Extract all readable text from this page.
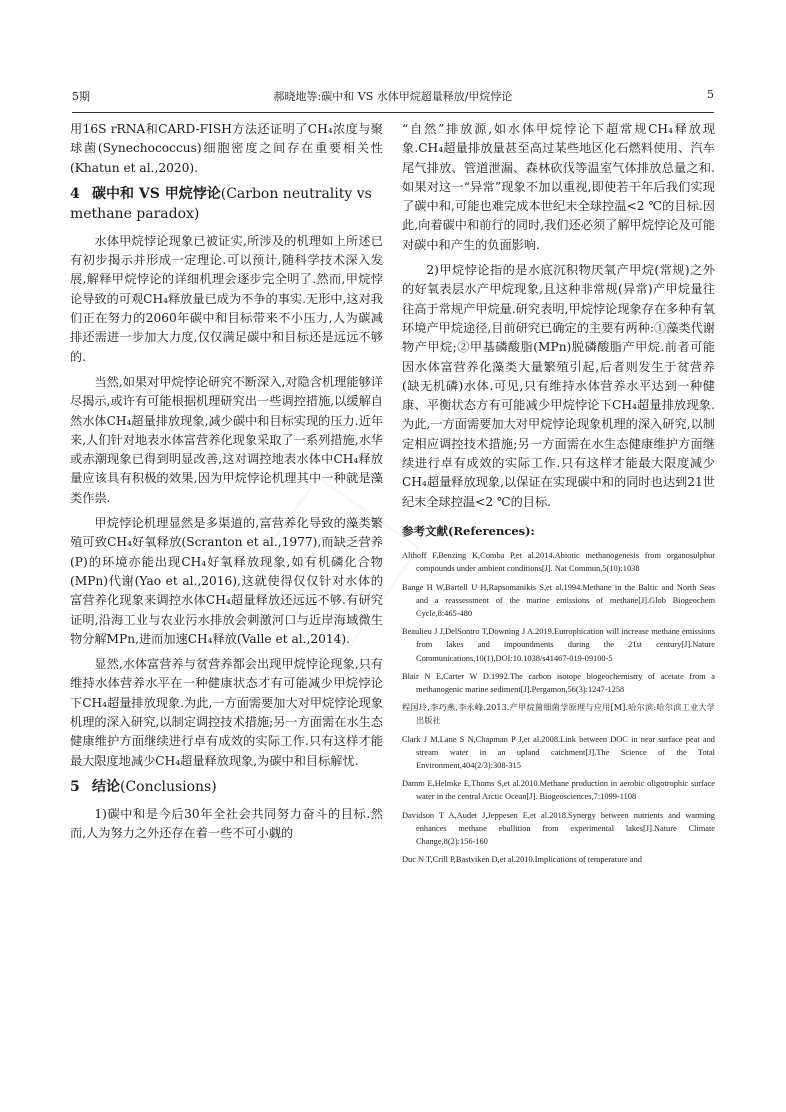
5期	郝晓地等:碳中和 VS 水体甲烷超量释放/甲烷悖论	5

用16S rRNA和CARD-FISH方法还证明了CH₄浓度与聚球菌(Synechococcus)细胞密度之间存在重要相关性(Khatun et al.,2020).

4 碳中和 VS 甲烷悖论(Carbon neutrality vs methane paradox)

水体甲烷悖论现象已被证实,所涉及的机理如上所述已有初步揭示并形成一定理论.可以预计,随科学技术深入发展,解释甲烷悖论的详细机理会逐步完全明了.然而,甲烷悖论导致的可观CH₄释放量已成为不争的事实.无形中,这对我们正在努力的2060年碳中和目标带来不小压力,人为碳减排还需进一步加大力度,仅仅满足碳中和目标还是远远不够的.

当然,如果对甲烷悖论研究不断深入,对隐含机理能够详尽揭示,或许有可能根据机理研究出一些调控措施,以缓解自然水体CH₄超量排放现象,减少碳中和目标实现的压力.近年来,人们针对地表水体富营养化现象采取了一系列措施,水华或赤潮现象已得到明显改善,这对调控地表水体中CH₄释放量应该具有积极的效果,因为甲烷悖论机理其中一种就是藻类作祟.

甲烷悖论机理显然是多渠道的,富营养化导致的藻类繁殖可致CH₄好氧释放(Scranton et al.,1977),而缺乏营养(P)的环境亦能出现CH₄好氧释放现象,如有机磷化合物(MPn)代谢(Yao et al.,2016),这就使得仅仅针对水体的富营养化现象来调控水体CH₄超量释放还远远不够.有研究证明,沿海工业与农业污水排放会刺激河口与近岸海域微生物分解MPn,进而加速CH₄释放(Valle et al.,2014).

显然,水体富营养与贫营养都会出现甲烷悖论现象,只有维持水体营养水平在一种健康状态才有可能减少甲烷悖论下CH₄超量排放现象.为此,一方面需要加大对甲烷悖论现象机理的深入研究,以制定调控技术措施;另一方面需在水生态健康维护方面继续进行卓有成效的实际工作.只有这样才能最大限度地减少CH₄超量释放现象,为碳中和目标解忧.

5 结论(Conclusions)

1)碳中和是今后30年全社会共同努力奋斗的目标.然而,人为努力之外还存在着一些不可小觑的

“自然”排放源,如水体甲烷悖论下超常规CH₄释放现象.CH₄超量排放量甚至高过某些地区化石燃料使用、汽车尾气排放、管道泄漏、森林砍伐等温室气体排放总量之和.如果对这一“异常”现象不加以重视,即使若干年后我们实现了碳中和,可能也难完成本世纪末全球控温<2 ℃的目标.因此,向着碳中和前行的同时,我们还必须了解甲烷悖论及可能对碳中和产生的负面影响.

2)甲烷悖论指的是水底沉积物厌氧产甲烷(常规)之外的好氧表层水产甲烷现象,且这种非常规(异常)产甲烷量往往高于常规产甲烷量.研究表明,甲烷悖论现象存在多种有氧环境产甲烷途径,目前研究已确定的主要有两种:①藻类代谢物产甲烷;②甲基磷酸脂(MPn)脱磷酸脂产甲烷.前者可能因水体富营养化藻类大量繁殖引起,后者则发生于贫营养(缺无机磷)水体.可见,只有维持水体营养水平达到一种健康、平衡状态方有可能减少甲烷悖论下CH₄超量排放现象.为此,一方面需要加大对甲烷悖论现象机理的深入研究,以制定相应调控技术措施;另一方面需在水生态健康维护方面继续进行卓有成效的实际工作.只有这样才能最大限度减少CH₄超量释放现象,以保证在实现碳中和的同时也达到21世纪末全球控温<2 ℃的目标.

参考文献(References):

Althoff F,Benzing K,Comba P,et al.2014.Abiotic methanogenesis from organosulphur compounds under ambient conditions[J]. Nat Commun,5(10):1038

Bange H W,Bartell U H,Rapsomanikis S,et al.1994.Methane in the Baltic and North Seas and a reassessment of the marine emissions of methane[J].Glob Biogeochem Cycle,8:465-480

Beaulieu J J,DelSontro T,Downing J A.2019.Eutrophication will increase methane emissions from lakes and impoundments during the 21st century[J].Nature Communications,10(1),DOI:10.1038/s41467-019-09100-5

Blair N E,Carter W D.1992.The carbon isotope biogeochemistry of acetate from a methanogenic marine sediment[J].Pergamon,56(3):1247-1258

程国玲,李巧燕,李永峰.2013.产甲烷菌细菌学原理与应用[M].哈尔滨:哈尔滨工业大学出版社

Clark J M,Lane S N,Chapman P J,et al.2008.Link between DOC in near surface peat and stream water in an upland catchment[J].The Science of the Total Environment,404(2/3):308-315

Damm E,Helmke E,Thoms S,et al.2010.Methane production in aerobic oligotrophic surface water in the central Arctic Ocean[J]. Biogeosciences,7:1099-1108

Davidson T A,Audet J,Jeppesen E,et al.2018.Synergy between nutrients and warming enhances methane ebullition from experimental lakes[J].Nature Climate Change,8(2):156-160

Duc N T,Crill P,Bastviken D,et al.2010.Implications of temperature and
